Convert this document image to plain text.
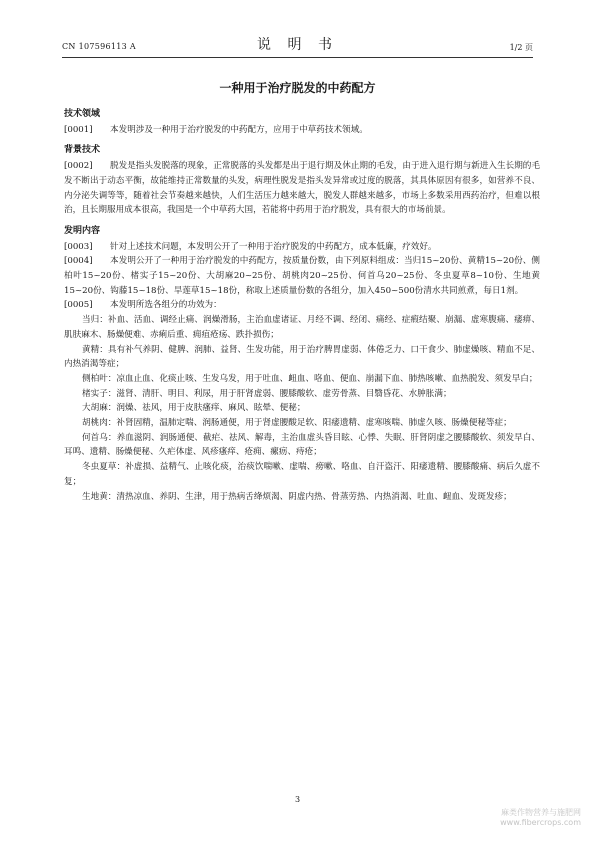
CN 107596113 A	说 明 书	1/2 页
一种用于治疗脱发的中药配方
技术领域

[0001] 本发明涉及一种用于治疗脱发的中药配方，应用于中草药技术领域。

背景技术

[0002] 脱发是指头发脱落的现象，正常脱落的头发都是出于退行期及休止期的毛发，由于进入退行期与新进入生长期的毛发不断出于动态平衡，故能维持正常数量的头发，病理性脱发是指头发异常或过度的脱落，其具体原因有很多，如营养不良、内分泌失调等等，随着社会节奏越来越快，人们生活压力越来越大，脱发人群越来越多，市场上多数采用西药治疗，但难以根治，且长期服用成本很高，我国是一个中草药大国，若能将中药用于治疗脱发，具有很大的市场前景。

发明内容

[0003] 针对上述技术问题，本发明公开了一种用于治疗脱发的中药配方，成本低廉，疗效好。

[0004] 本发明公开了一种用于治疗脱发的中药配方，按质量份数，由下列原料组成：当归15~20份、黄精15~20份、侧柏叶15~20份、楮实子15~20份、大胡麻20~25份、胡桃肉20~25份、何首乌20~25份、冬虫夏草8~10份、生地黄15~20份、钩藤15~18份、旱莲草15~18份，称取上述质量份数的各组分，加入450~500份清水共同煎煮，每日1剂。

[0005] 本发明所选各组分的功效为：

当归：补血、活血、调经止痛、润燥滑肠，主治血虚诸证、月经不调、经闭、痛经、症瘕结聚、崩漏、虚寒腹痛、痿痹、肌肤麻木、肠燥便难、赤痢后重、痈疽疮疡、跌扑损伤；

黄精：具有补气养阴、健脾、润肺、益肾、生发功能，用于治疗脾胃虚弱、体倦乏力、口干食少、肺虚燥咳、精血不足、内热消渴等症；

侧柏叶：凉血止血、化痰止咳、生发乌发，用于吐血、衄血、咯血、便血、崩漏下血、肺热咳嗽、血热脱发、须发早白；

楮实子：滋肾、清肝、明目、利尿，用于肝肾虚弱、腰膝酸软、虚劳骨蒸、目翳昏花、水肿胀满；

大胡麻：润燥、祛风，用于皮肤瘙痒、麻风、眩晕、便秘；

胡桃肉：补肾固精，温肺定喘、润肠通便，用于肾虚腰酸足软、阳痿遗精、虚寒咳喘、肺虚久咳、肠燥便秘等症；

何首乌：养血滋阴、润肠通便、截疟、祛风、解毒，主治血虚头昏目眩、心悸、失眠、肝肾阴虚之腰膝酸软、须发早白、耳鸣、遗精、肠燥便秘、久疟体虚、风疹瘙痒、疮痈、瘰疬、痔疮；

冬虫夏草：补虚损、益精气、止咳化痰，治痰饮喘嗽、虚喘、痨嗽、咯血、自汗盗汗、阳痿遗精、腰膝酸痛、病后久虚不复；

生地黄：清热凉血、养阴、生津，用于热病舌绛烦渴、阴虚内热、骨蒸劳热、内热消渴、吐血、衄血、发斑发疹；

3
麻类作物营养与施肥网
www.fibercrops.com
